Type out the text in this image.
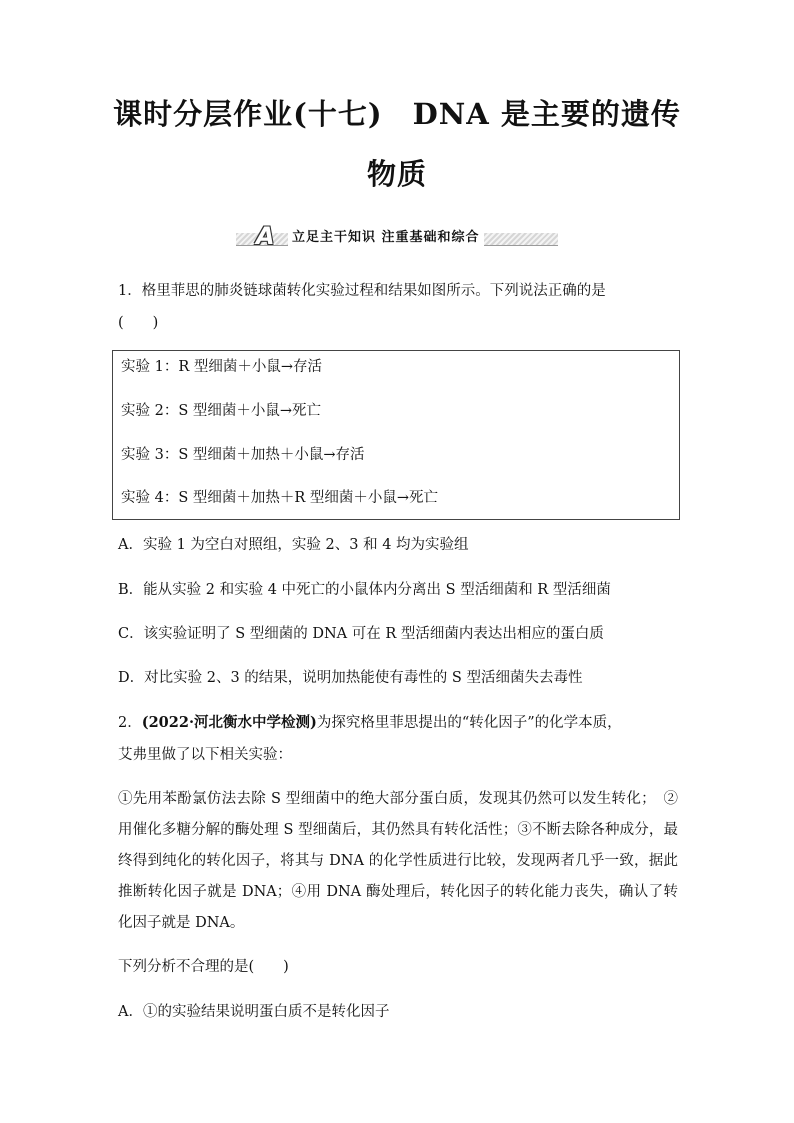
课时分层作业(十七)　DNA 是主要的遗传
物质
A	立足主干知识 注重基础和综合

1．格里菲思的肺炎链球菌转化实验过程和结果如图所示。下列说法正确的是

(　　)

实验 1：R 型细菌＋小鼠→存活
实验 2：S 型细菌＋小鼠→死亡
实验 3：S 型细菌＋加热＋小鼠→存活
实验 4：S 型细菌＋加热＋R 型细菌＋小鼠→死亡

A．实验 1 为空白对照组，实验 2、3 和 4 均为实验组

B．能从实验 2 和实验 4 中死亡的小鼠体内分离出 S 型活细菌和 R 型活细菌

C．该实验证明了 S 型细菌的 DNA 可在 R 型活细菌内表达出相应的蛋白质

D．对比实验 2、3 的结果，说明加热能使有毒性的 S 型活细菌失去毒性

2．(2022·河北衡水中学检测)为探究格里菲思提出的“转化因子”的化学本质，

艾弗里做了以下相关实验：

①先用苯酚氯仿法去除 S 型细菌中的绝大部分蛋白质，发现其仍然可以发生转化；　②用催化多糖分解的酶处理 S 型细菌后，其仍然具有转化活性；③不断去除各种成分，最终得到纯化的转化因子，将其与 DNA 的化学性质进行比较，发现两者几乎一致，据此推断转化因子就是 DNA；④用 DNA 酶处理后，转化因子的转化能力丧失，确认了转化因子就是 DNA。

下列分析不合理的是(　　)

A．①的实验结果说明蛋白质不是转化因子
